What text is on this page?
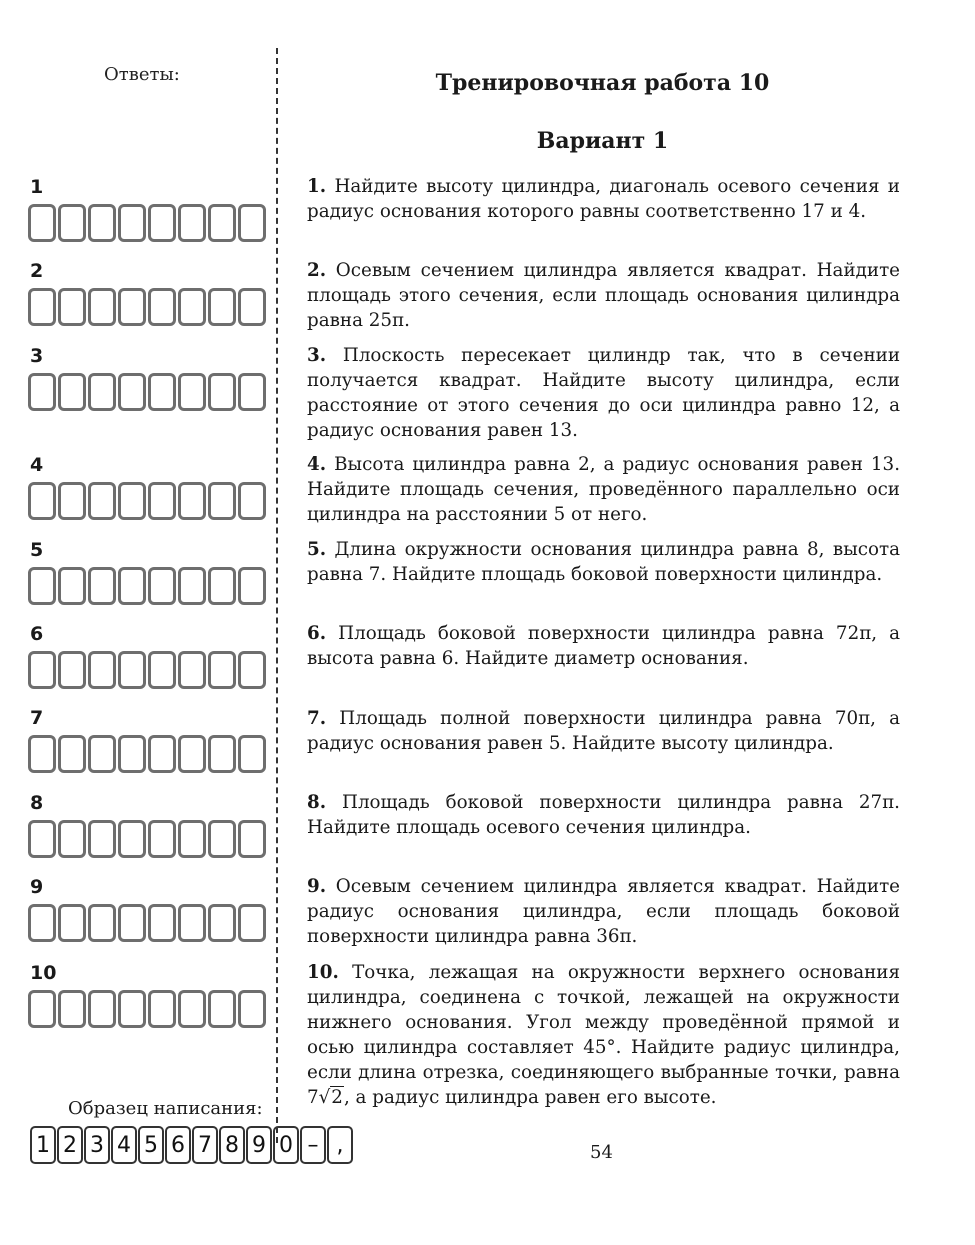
Ответы:
1
2
3
4
5
6
7
8
9
10
Тренировочная работа 10
Вариант 1
1. Найдите высоту цилиндра, диагональ осевого сечения и радиус основания которого равны соответственно 17 и 4.
2. Осевым сечением цилиндра является квадрат. Найдите площадь этого сечения, если площадь основания цилиндра равна 25π.
3. Плоскость пересекает цилиндр так, что в сечении получается квадрат. Найдите высоту цилиндра, если расстояние от этого сечения до оси цилиндра равно 12, а радиус основания равен 13.
4. Высота цилиндра равна 2, а радиус основания равен 13. Найдите площадь сечения, проведённого параллельно оси цилиндра на расстоянии 5 от него.
5. Длина окружности основания цилиндра равна 8, высота равна 7. Найдите площадь боковой поверхности цилиндра.
6. Площадь боковой поверхности цилиндра равна 72π, а высота равна 6. Найдите диаметр основания.
7. Площадь полной поверхности цилиндра равна 70π, а радиус основания равен 5. Найдите высоту цилиндра.
8. Площадь боковой поверхности цилиндра равна 27π. Найдите площадь осевого сечения цилиндра.
9. Осевым сечением цилиндра является квадрат. Найдите радиус основания цилиндра, если площадь боковой поверхности цилиндра равна 36π.
10. Точка, лежащая на окружности верхнего основания цилиндра, соединена с точкой, лежащей на окружности нижнего основания. Угол между проведённой прямой и осью цилиндра составляет 45°. Найдите радиус цилиндра, если длина отрезка, соединяющего выбранные точки, равна 7√2, а радиус цилиндра равен его высоте.
Образец написания:
1 2 3 4 5 6 7 8 9 0 – ,	54
